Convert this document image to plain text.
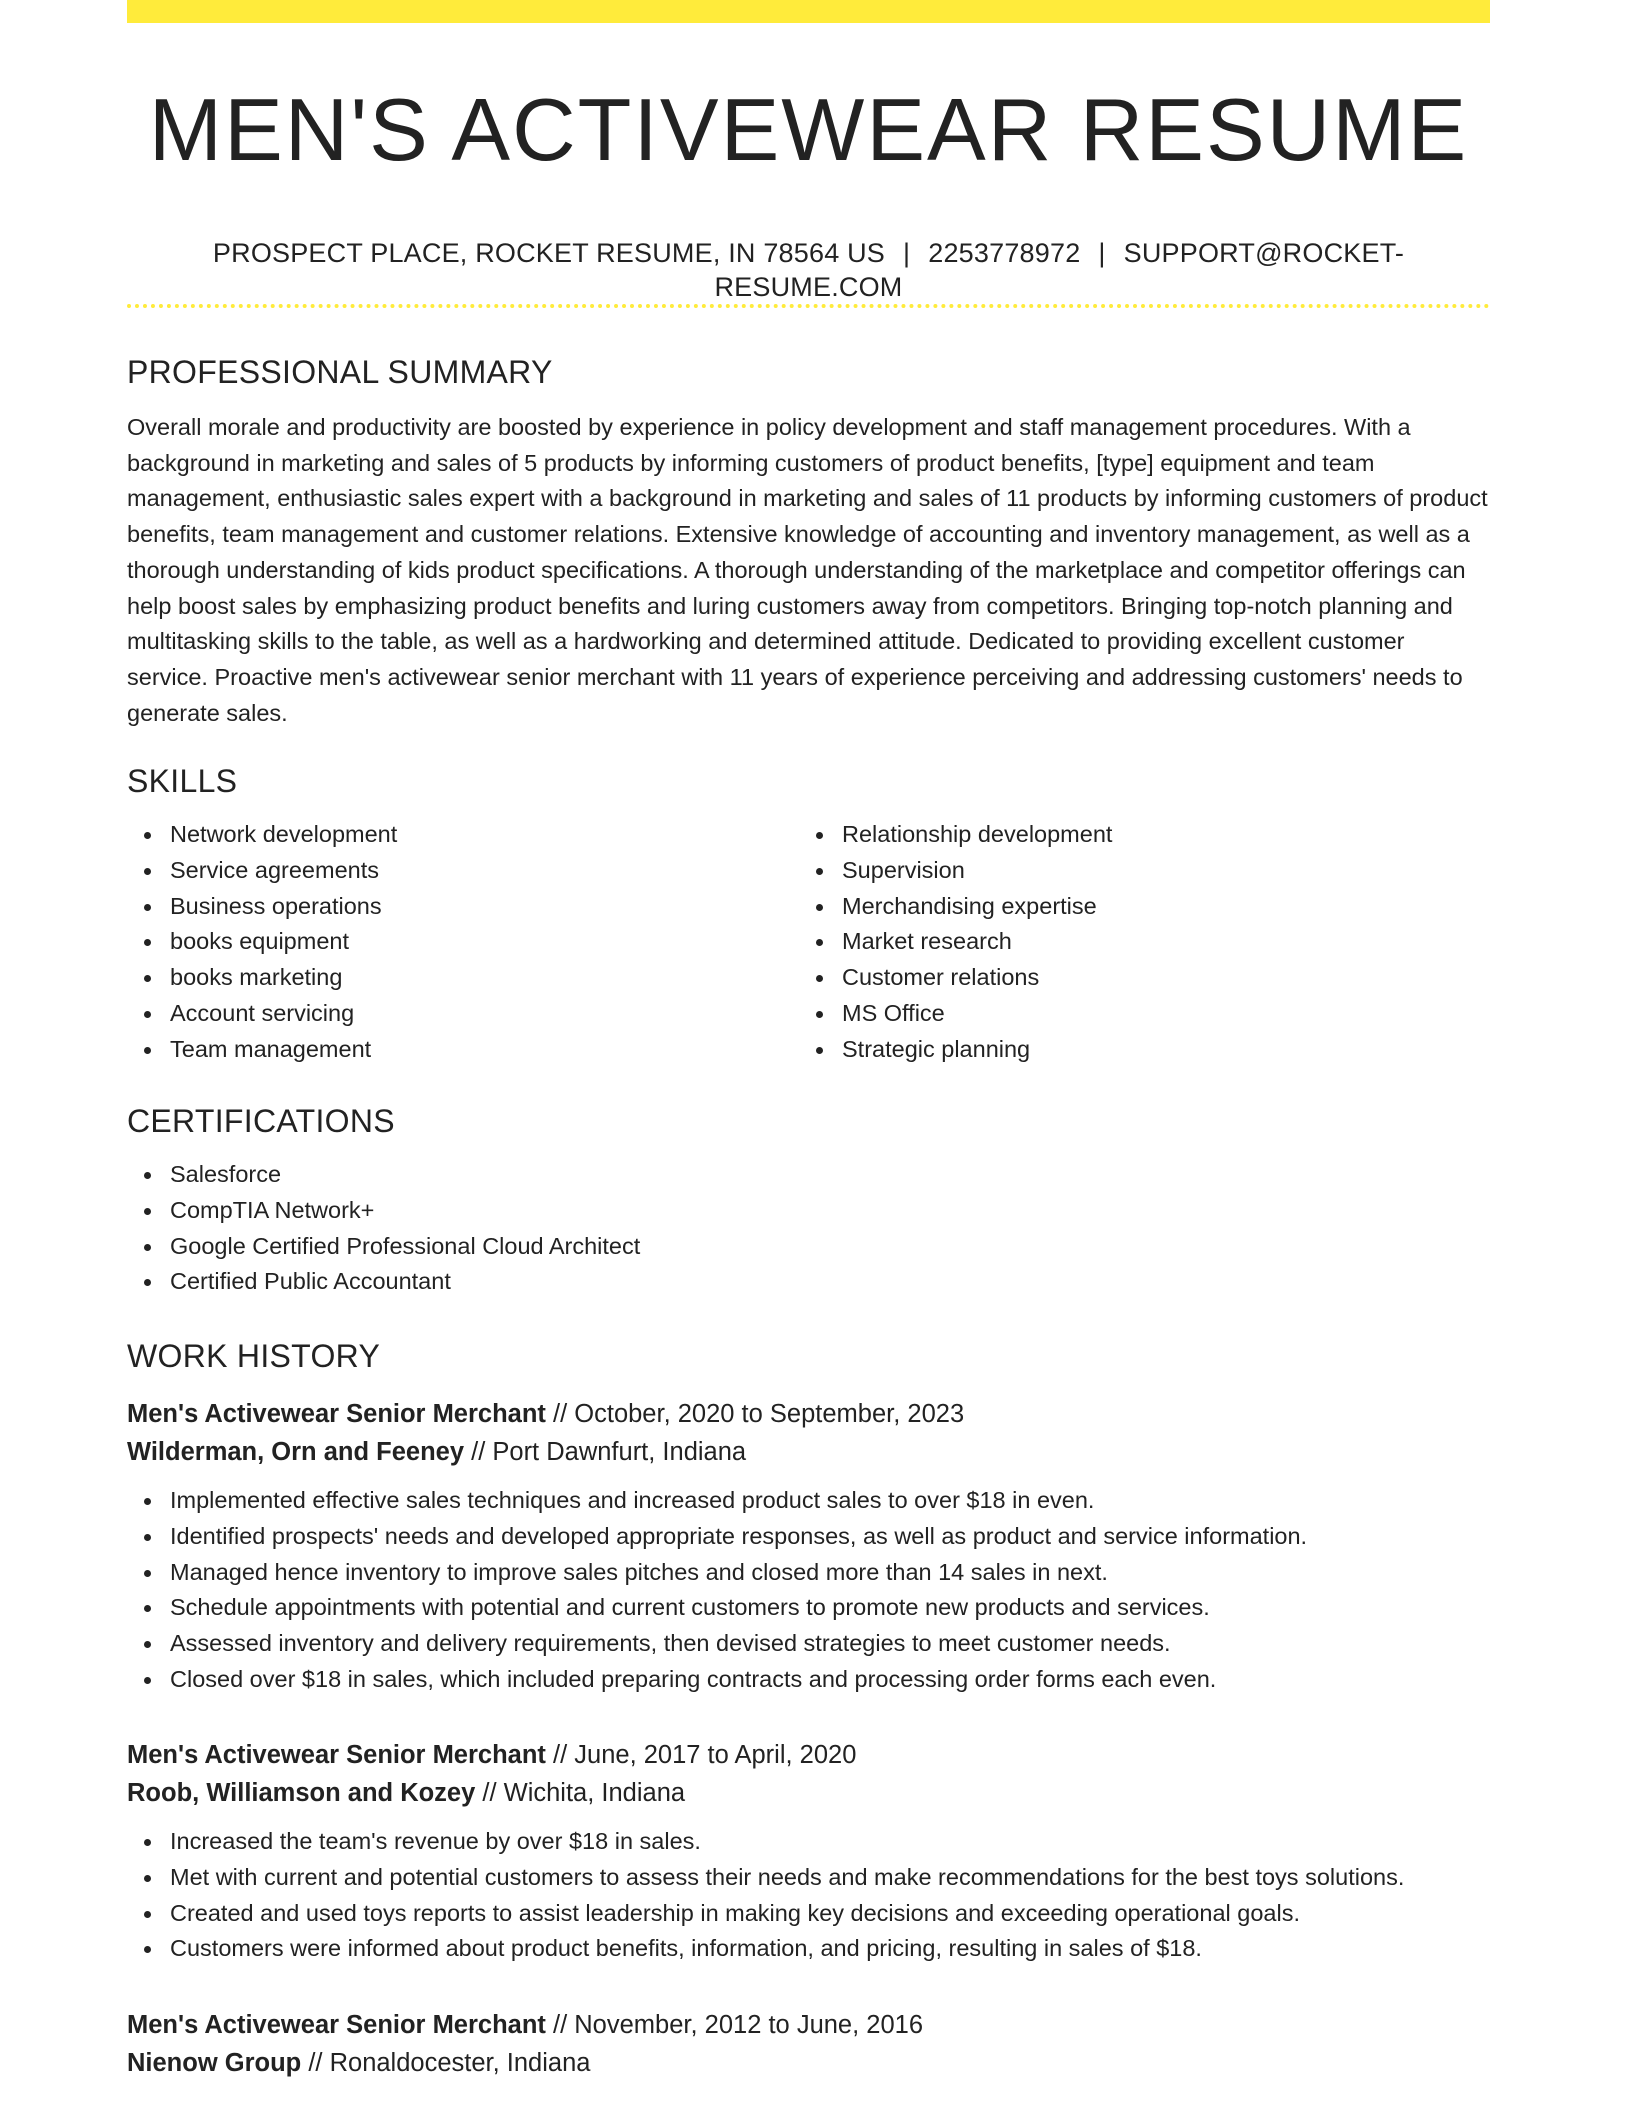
MEN'S ACTIVEWEAR RESUME
PROSPECT PLACE, ROCKET RESUME, IN 78564 US | 2253778972 | SUPPORT@ROCKET-RESUME.COM
PROFESSIONAL SUMMARY

Overall morale and productivity are boosted by experience in policy development and staff management procedures. With a background in marketing and sales of 5 products by informing customers of product benefits, [type] equipment and team management, enthusiastic sales expert with a background in marketing and sales of 11 products by informing customers of product benefits, team management and customer relations. Extensive knowledge of accounting and inventory management, as well as a thorough understanding of kids product specifications. A thorough understanding of the marketplace and competitor offerings can help boost sales by emphasizing product benefits and luring customers away from competitors. Bringing top-notch planning and multitasking skills to the table, as well as a hardworking and determined attitude. Dedicated to providing excellent customer service. Proactive men's activewear senior merchant with 11 years of experience perceiving and addressing customers' needs to generate sales.

SKILLS
Network development
Service agreements
Business operations
books equipment
books marketing
Account servicing
Team management
Relationship development
Supervision
Merchandising expertise
Market research
Customer relations
MS Office
Strategic planning
CERTIFICATIONS
Salesforce
CompTIA Network+
Google Certified Professional Cloud Architect
Certified Public Accountant
WORK HISTORY
Men's Activewear Senior Merchant // October, 2020 to September, 2023
Wilderman, Orn and Feeney // Port Dawnfurt, Indiana
Implemented effective sales techniques and increased product sales to over $18 in even.
Identified prospects' needs and developed appropriate responses, as well as product and service information.
Managed hence inventory to improve sales pitches and closed more than 14 sales in next.
Schedule appointments with potential and current customers to promote new products and services.
Assessed inventory and delivery requirements, then devised strategies to meet customer needs.
Closed over $18 in sales, which included preparing contracts and processing order forms each even.
Men's Activewear Senior Merchant // June, 2017 to April, 2020
Roob, Williamson and Kozey // Wichita, Indiana
Increased the team's revenue by over $18 in sales.
Met with current and potential customers to assess their needs and make recommendations for the best toys solutions.
Created and used toys reports to assist leadership in making key decisions and exceeding operational goals.
Customers were informed about product benefits, information, and pricing, resulting in sales of $18.
Men's Activewear Senior Merchant // November, 2012 to June, 2016
Nienow Group // Ronaldocester, Indiana
